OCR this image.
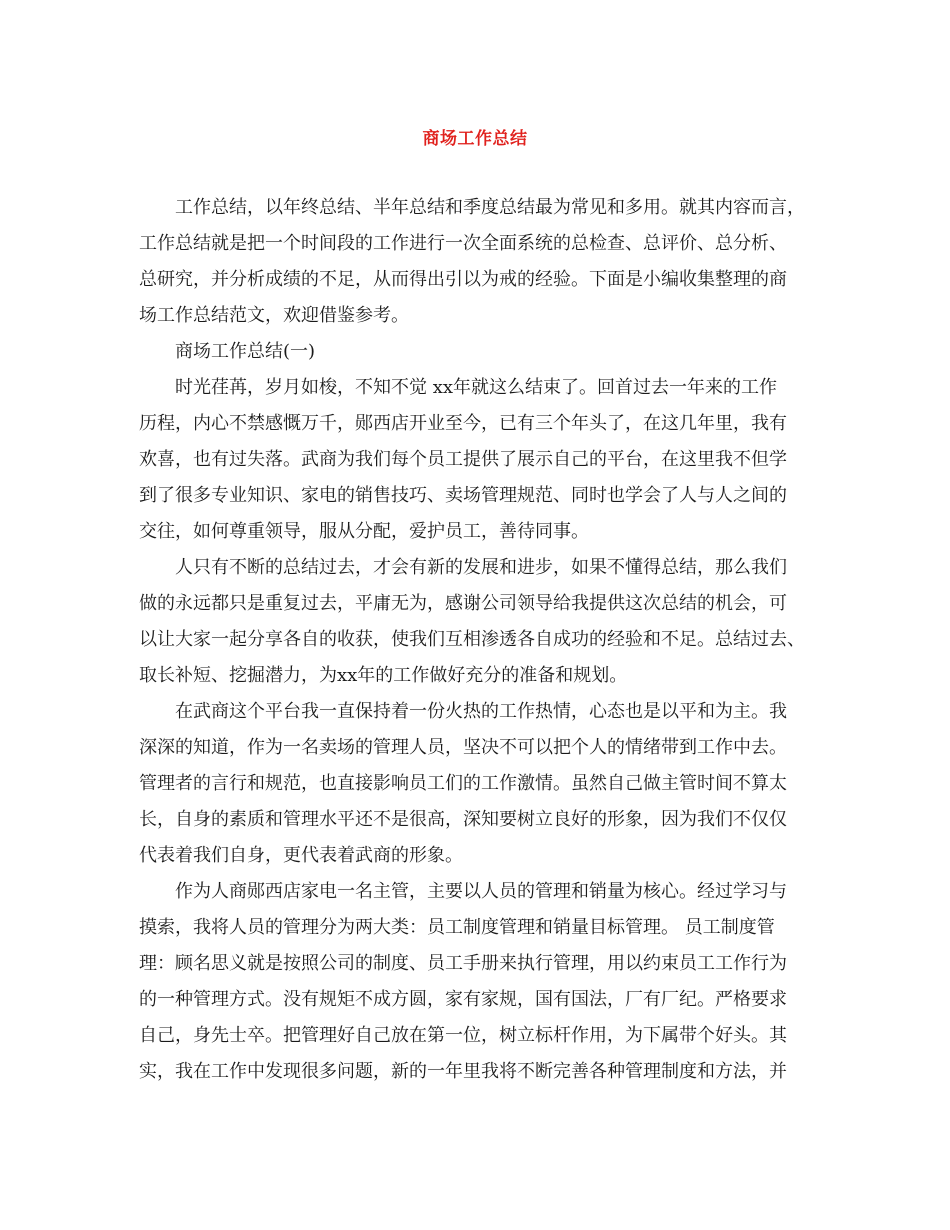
商场工作总结
工作总结，以年终总结、半年总结和季度总结最为常见和多用。就其内容而言，
工作总结就是把一个时间段的工作进行一次全面系统的总检查、总评价、总分析、
总研究，并分析成绩的不足，从而得出引以为戒的经验。下面是小编收集整理的商
场工作总结范文，欢迎借鉴参考。
商场工作总结(一)
时光荏苒，岁月如梭，不知不觉 xx年就这么结束了。回首过去一年来的工作
历程，内心不禁感慨万千，郧西店开业至今，已有三个年头了，在这几年里，我有
欢喜，也有过失落。武商为我们每个员工提供了展示自己的平台，在这里我不但学
到了很多专业知识、家电的销售技巧、卖场管理规范、同时也学会了人与人之间的
交往，如何尊重领导，服从分配，爱护员工，善待同事。
人只有不断的总结过去，才会有新的发展和进步，如果不懂得总结，那么我们
做的永远都只是重复过去，平庸无为，感谢公司领导给我提供这次总结的机会，可
以让大家一起分享各自的收获，使我们互相渗透各自成功的经验和不足。总结过去、
取长补短、挖掘潜力，为xx年的工作做好充分的准备和规划。
在武商这个平台我一直保持着一份火热的工作热情，心态也是以平和为主。我
深深的知道，作为一名卖场的管理人员，坚决不可以把个人的情绪带到工作中去。
管理者的言行和规范，也直接影响员工们的工作激情。虽然自己做主管时间不算太
长，自身的素质和管理水平还不是很高，深知要树立良好的形象，因为我们不仅仅
代表着我们自身，更代表着武商的形象。
作为人商郧西店家电一名主管，主要以人员的管理和销量为核心。经过学习与
摸索，我将人员的管理分为两大类：员工制度管理和销量目标管理。 员工制度管
理：顾名思义就是按照公司的制度、员工手册来执行管理，用以约束员工工作行为
的一种管理方式。没有规矩不成方圆，家有家规，国有国法，厂有厂纪。严格要求
自己，身先士卒。把管理好自己放在第一位，树立标杆作用，为下属带个好头。其
实，我在工作中发现很多问题，新的一年里我将不断完善各种管理制度和方法，并
